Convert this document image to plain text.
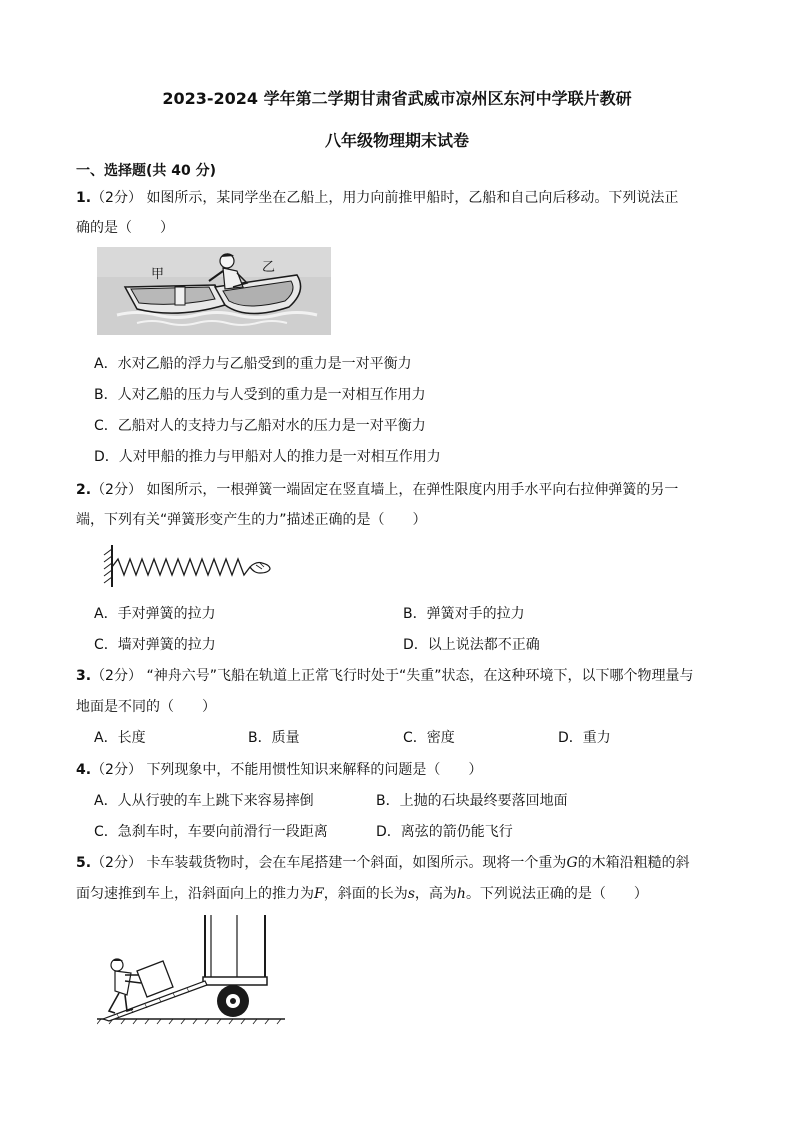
2023-2024 学年第二学期甘肃省武威市凉州区东河中学联片教研
八年级物理期末试卷
一、选择题(共 40 分)
1.（2分） 如图所示，某同学坐在乙船上，用力向前推甲船时，乙船和自己向后移动。下列说法正
确的是（　　）
甲	乙
A．水对乙船的浮力与乙船受到的重力是一对平衡力
B．人对乙船的压力与人受到的重力是一对相互作用力
C．乙船对人的支持力与乙船对水的压力是一对平衡力
D．人对甲船的推力与甲船对人的推力是一对相互作用力
2.（2分） 如图所示，一根弹簧一端固定在竖直墙上，在弹性限度内用手水平向右拉伸弹簧的另一
端，下列有关“弹簧形变产生的力”描述正确的是（　　）
A．手对弹簧的拉力	B．弹簧对手的拉力
C．墙对弹簧的拉力	D．以上说法都不正确
3.（2分） “神舟六号”飞船在轨道上正常飞行时处于“失重”状态，在这种环境下，以下哪个物理量与
地面是不同的（　　）
A．长度	B．质量	C．密度	D．重力
4.（2分） 下列现象中，不能用惯性知识来解释的问题是（　　）
A．人从行驶的车上跳下来容易摔倒	B．上抛的石块最终要落回地面
C．急刹车时，车要向前滑行一段距离	D．离弦的箭仍能飞行
5.（2分） 卡车装载货物时，会在车尾搭建一个斜面，如图所示。现将一个重为G的木箱沿粗糙的斜
面匀速推到车上，沿斜面向上的推力为F，斜面的长为s，高为h。下列说法正确的是（　　）
